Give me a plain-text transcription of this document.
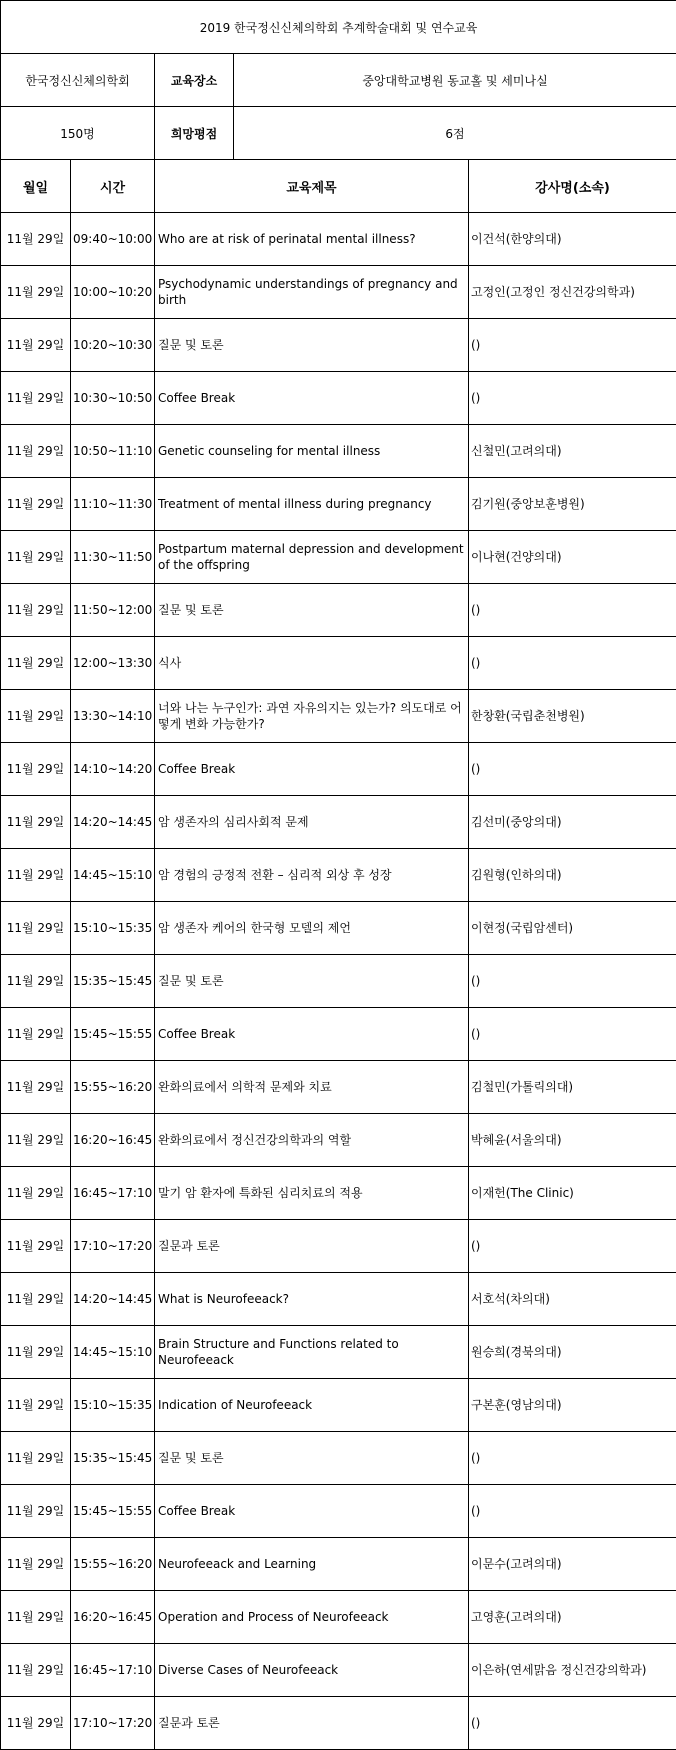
2019 한국정신신체의학회 추계학술대회 및 연수교육			
한국정신신체의학회		교육장소 중앙대학교병원 동교홀 및 세미나실	

150명		희망평점 6점	

월일	시간	교육제목	강사명(소속)
11월 29일	09:40~10:00	Who are at risk of perinatal mental illness?	이건석(한양의대)
11월 29일	10:00~10:20	Psychodynamic understandings of pregnancy and birth	고정인(고정인 정신건강의학과)
11월 29일	10:20~10:30	질문 및 토론	()
11월 29일	10:30~10:50	Coffee Break	()
11월 29일	10:50~11:10	Genetic counseling for mental illness	신철민(고려의대)
11월 29일	11:10~11:30	Treatment of mental illness during pregnancy	김기원(중앙보훈병원)
11월 29일	11:30~11:50	Postpartum maternal depression and development of the offspring	이나현(건양의대)
11월 29일	11:50~12:00	질문 및 토론	()
11월 29일	12:00~13:30	식사	()
11월 29일	13:30~14:10	너와 나는 누구인가: 과연 자유의지는 있는가? 의도대로 어떻게 변화 가능한가?	한창환(국립춘천병원)
11월 29일	14:10~14:20	Coffee Break	()
11월 29일	14:20~14:45	암 생존자의 심리사회적 문제	김선미(중앙의대)
11월 29일	14:45~15:10	암 경험의 긍정적 전환 – 심리적 외상 후 성장	김원형(인하의대)
11월 29일	15:10~15:35	암 생존자 케어의 한국형 모델의 제언	이현정(국립암센터)
11월 29일	15:35~15:45	질문 및 토론	()
11월 29일	15:45~15:55	Coffee Break	()
11월 29일	15:55~16:20	완화의료에서 의학적 문제와 치료	김철민(가톨릭의대)
11월 29일	16:20~16:45	완화의료에서 정신건강의학과의 역할	박혜윤(서울의대)
11월 29일	16:45~17:10	말기 암 환자에 특화된 심리치료의 적용	이재헌(The Clinic)
11월 29일	17:10~17:20	질문과 토론	()
11월 29일	14:20~14:45	What is Neurofeeack?	서호석(차의대)
11월 29일	14:45~15:10	Brain Structure and Functions related to Neurofeeack	원승희(경북의대)
11월 29일	15:10~15:35	Indication of Neurofeeack	구본훈(영남의대)
11월 29일	15:35~15:45	질문 및 토론	()
11월 29일	15:45~15:55	Coffee Break	()
11월 29일	15:55~16:20	Neurofeeack and Learning	이문수(고려의대)
11월 29일	16:20~16:45	Operation and Process of Neurofeeack	고영훈(고려의대)
11월 29일	16:45~17:10	Diverse Cases of Neurofeeack	이은하(연세맑음 정신건강의학과)
11월 29일	17:10~17:20	질문과 토론	()
